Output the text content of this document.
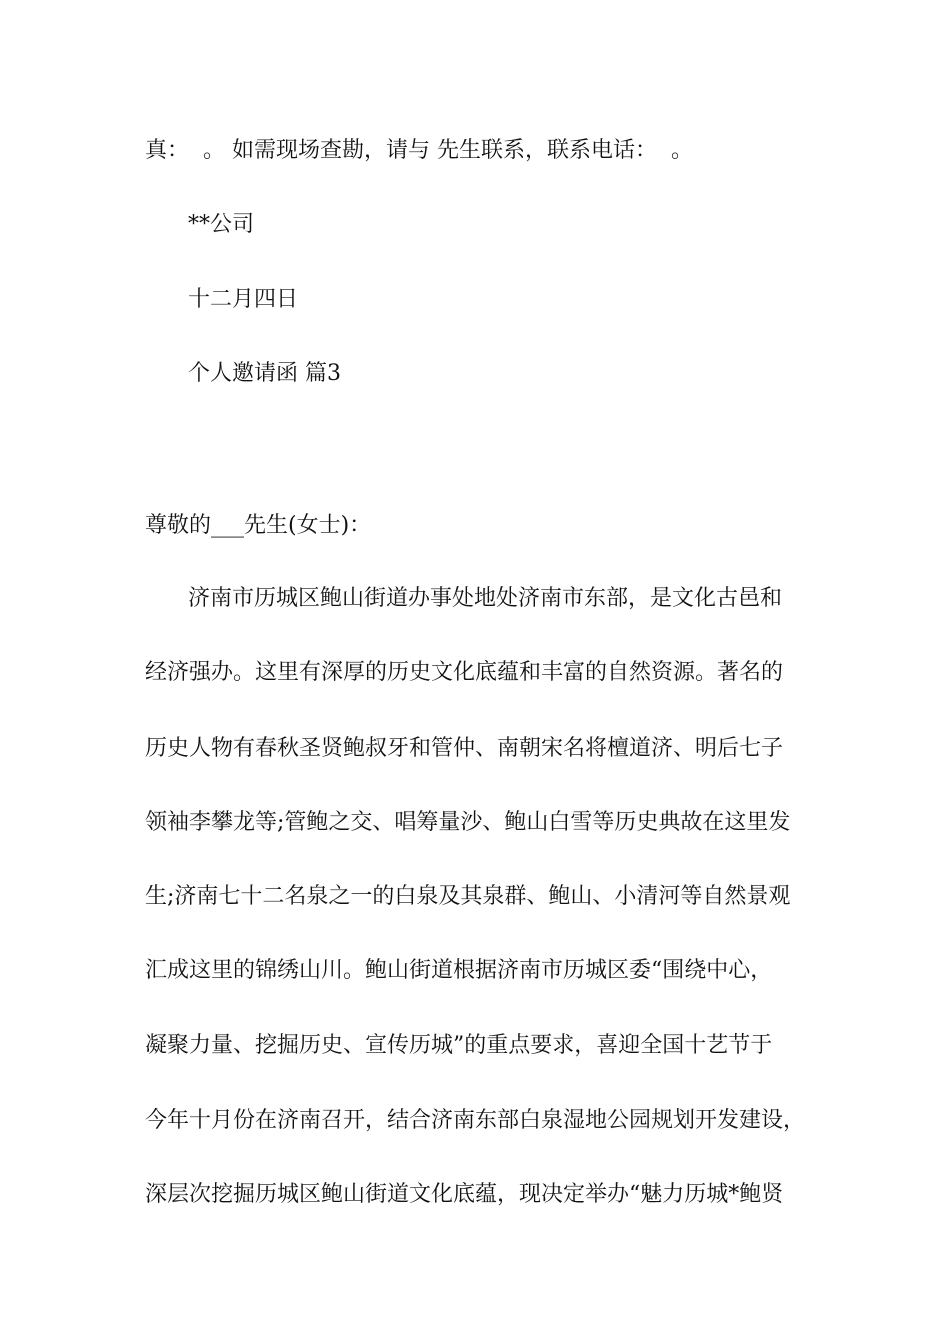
真：  。 如需现场查勘，请与 先生联系，联系电话：  。
**公司
十二月四日
个人邀请函 篇3
尊敬的___先生(女士)：
济南市历城区鲍山街道办事处地处济南市东部，是文化古邑和
经济强办。这里有深厚的历史文化底蕴和丰富的自然资源。著名的
历史人物有春秋圣贤鲍叔牙和管仲、南朝宋名将檀道济、明后七子
领袖李攀龙等;管鲍之交、唱筹量沙、鲍山白雪等历史典故在这里发
生;济南七十二名泉之一的白泉及其泉群、鲍山、小清河等自然景观
汇成这里的锦绣山川。鲍山街道根据济南市历城区委“围绕中心，
凝聚力量、挖掘历史、宣传历城”的重点要求，喜迎全国十艺节于
今年十月份在济南召开，结合济南东部白泉湿地公园规划开发建设，
深层次挖掘历城区鲍山街道文化底蕴，现决定举办“魅力历城*鲍贤
